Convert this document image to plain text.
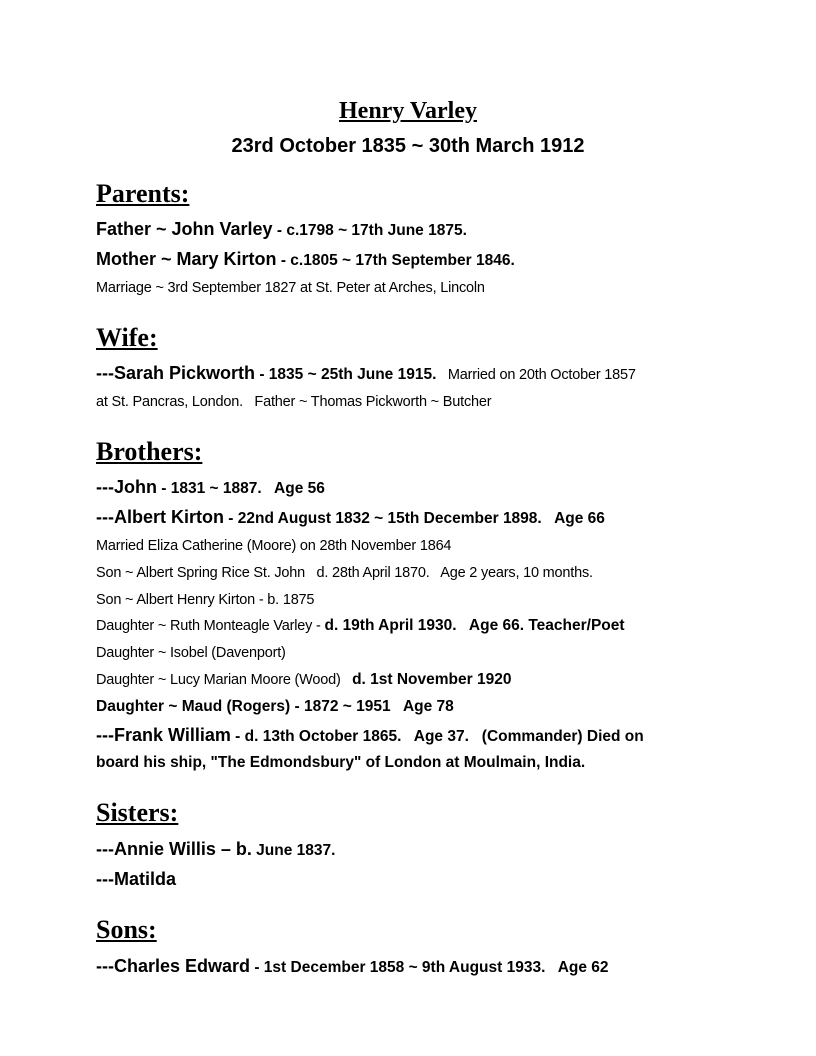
Henry Varley
23rd October 1835 ~ 30th March 1912
Parents:

Father ~ John Varley - c.1798 ~ 17th June 1875.

Mother ~ Mary Kirton - c.1805 ~ 17th September 1846.

Marriage ~ 3rd September 1827 at St. Peter at Arches, Lincoln

Wife:

---Sarah Pickworth - 1835 ~ 25th June 1915.   Married on 20th October 1857

at St. Pancras, London.   Father ~ Thomas Pickworth ~ Butcher

Brothers:

---John - 1831 ~ 1887.   Age 56

---Albert Kirton - 22nd August 1832 ~ 15th December 1898.   Age 66

Married Eliza Catherine (Moore) on 28th November 1864

Son ~ Albert Spring Rice St. John   d. 28th April 1870.   Age 2 years, 10 months.

Son ~ Albert Henry Kirton - b. 1875

Daughter ~ Ruth Monteagle Varley - d. 19th April 1930.   Age 66. Teacher/Poet

Daughter ~ Isobel (Davenport)

Daughter ~ Lucy Marian Moore (Wood)   d. 1st November 1920

Daughter ~ Maud (Rogers) - 1872 ~ 1951   Age 78

---Frank William - d. 13th October 1865.   Age 37.   (Commander) Died on

board his ship, "The Edmondsbury" of London at Moulmain, India.

Sisters:

---Annie Willis – b. June 1837.

---Matilda

Sons:

---Charles Edward - 1st December 1858 ~ 9th August 1933.   Age 62
